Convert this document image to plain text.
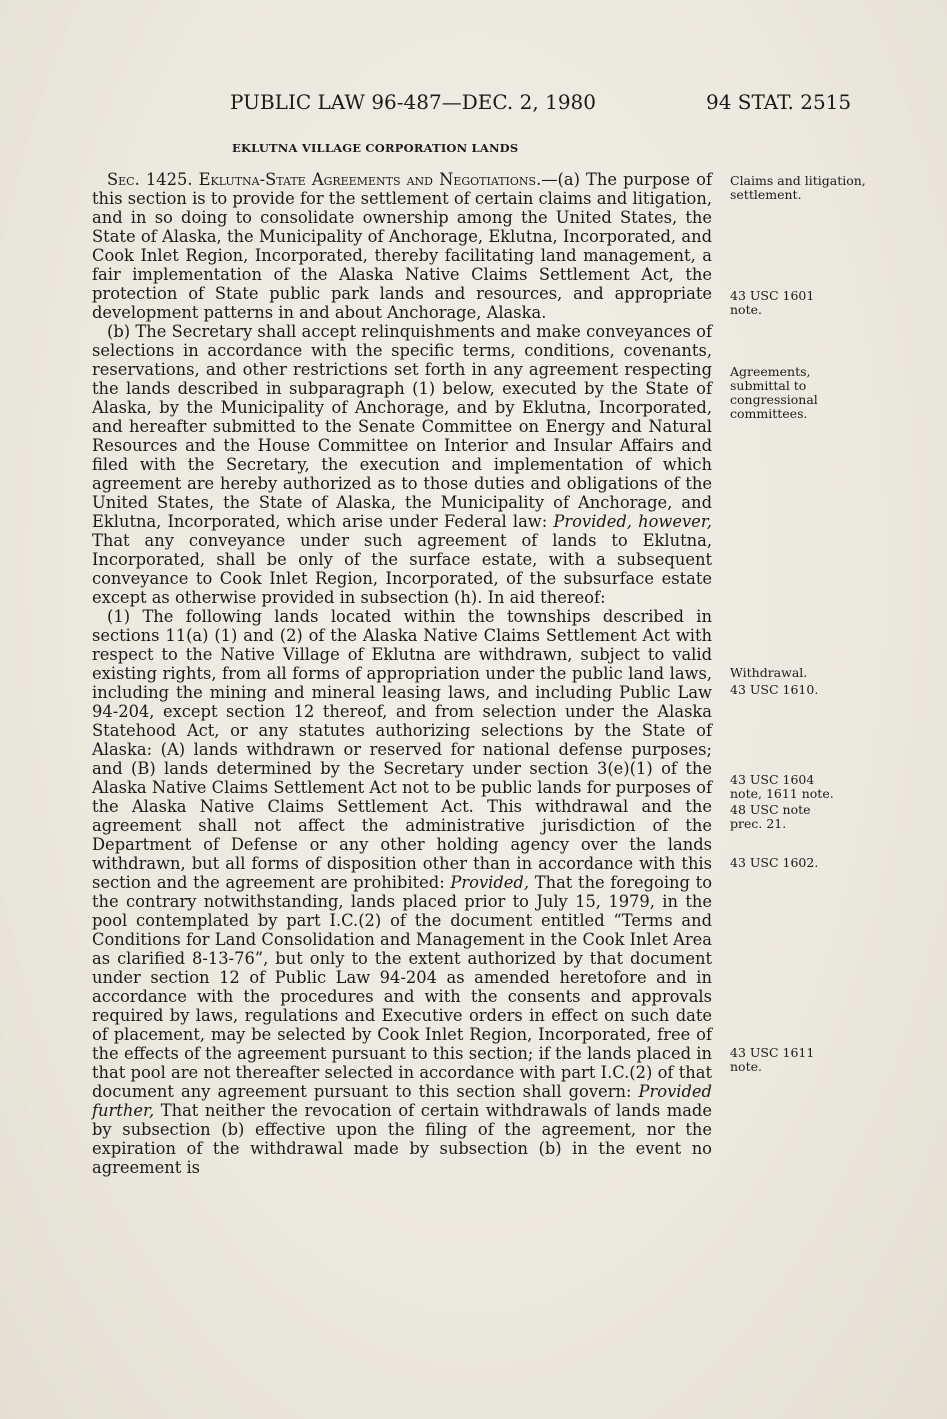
PUBLIC LAW 96-487—DEC. 2, 1980	94 STAT. 2515
EKLUTNA VILLAGE CORPORATION LANDS

Sec. 1425. Eklutna-State Agreements and Negotiations.—(a) The purpose of this section is to provide for the settlement of certain claims and litigation, and in so doing to consolidate ownership among the United States, the State of Alaska, the Municipality of Anchorage, Eklutna, Incorporated, and Cook Inlet Region, Incorporated, thereby facilitating land management, a fair implementation of the Alaska Native Claims Settlement Act, the protection of State public park lands and resources, and appropriate development patterns in and about Anchorage, Alaska.

(b) The Secretary shall accept relinquishments and make conveyances of selections in accordance with the specific terms, conditions, covenants, reservations, and other restrictions set forth in any agreement respecting the lands described in subparagraph (1) below, executed by the State of Alaska, by the Municipality of Anchorage, and by Eklutna, Incorporated, and hereafter submitted to the Senate Committee on Energy and Natural Resources and the House Committee on Interior and Insular Affairs and filed with the Secretary, the execution and implementation of which agreement are hereby authorized as to those duties and obligations of the United States, the State of Alaska, the Municipality of Anchorage, and Eklutna, Incorporated, which arise under Federal law: Provided, however, That any conveyance under such agreement of lands to Eklutna, Incorporated, shall be only of the surface estate, with a subsequent conveyance to Cook Inlet Region, Incorporated, of the subsurface estate except as otherwise provided in subsection (h). In aid thereof:

(1) The following lands located within the townships described in sections 11(a) (1) and (2) of the Alaska Native Claims Settlement Act with respect to the Native Village of Eklutna are withdrawn, subject to valid existing rights, from all forms of appropriation under the public land laws, including the mining and mineral leasing laws, and including Public Law 94-204, except section 12 thereof, and from selection under the Alaska Statehood Act, or any statutes authorizing selections by the State of Alaska: (A) lands withdrawn or reserved for national defense purposes; and (B) lands determined by the Secretary under section 3(e)(1) of the Alaska Native Claims Settlement Act not to be public lands for purposes of the Alaska Native Claims Settlement Act. This withdrawal and the agreement shall not affect the administrative jurisdiction of the Department of Defense or any other holding agency over the lands withdrawn, but all forms of disposition other than in accordance with this section and the agreement are prohibited: Provided, That the foregoing to the contrary notwithstanding, lands placed prior to July 15, 1979, in the pool contemplated by part I.C.(2) of the document entitled “Terms and Conditions for Land Consolidation and Management in the Cook Inlet Area as clarified 8-13-76”, but only to the extent authorized by that document under section 12 of Public Law 94-204 as amended heretofore and in accordance with the procedures and with the consents and approvals required by laws, regulations and Executive orders in effect on such date of placement, may be selected by Cook Inlet Region, Incorporated, free of the effects of the agreement pursuant to this section; if the lands placed in that pool are not thereafter selected in accordance with part I.C.(2) of that document any agreement pursuant to this section shall govern: Provided further, That neither the revocation of certain withdrawals of lands made by subsection (b) effective upon the filing of the agreement, nor the expiration of the withdrawal made by subsection (b) in the event no agreement is

Claims and litigation, settlement.
43 USC 1601 note.
Agreements, submittal to congressional committees.
Withdrawal.
43 USC 1610.
43 USC 1604 note, 1611 note.
48 USC note prec. 21.
43 USC 1602.
43 USC 1611 note.
